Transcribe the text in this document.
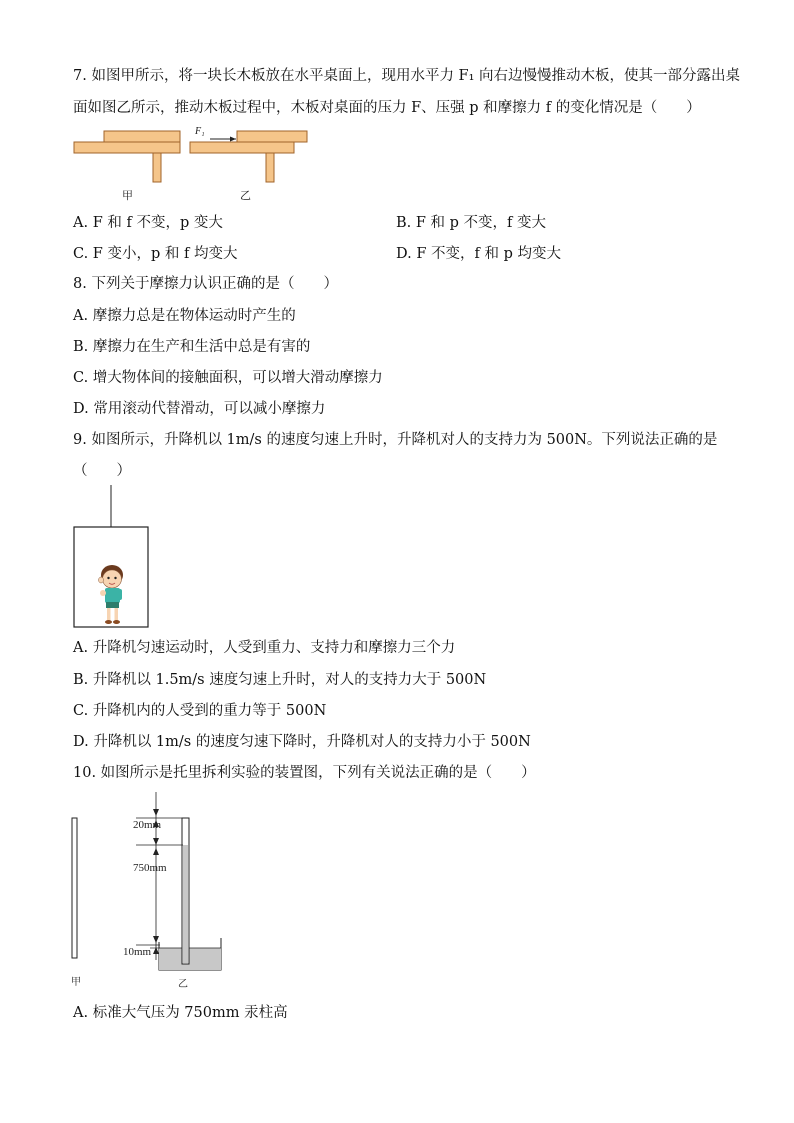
7. 如图甲所示，将一块长木板放在水平桌面上，现用水平力 F₁ 向右边慢慢推动木板，使其一部分露出桌
面如图乙所示，推动木板过程中，木板对桌面的压力 F、压强 p 和摩擦力 f 的变化情况是（　　）
甲
F₁
乙
A. F 和 f 不变，p 变大	B. F 和 p 不变，f 变大
C. F 变小，p 和 f 均变大	D. F 不变，f 和 p 均变大
8. 下列关于摩擦力认识正确的是（　　）
A. 摩擦力总是在物体运动时产生的
B. 摩擦力在生产和生活中总是有害的
C. 增大物体间的接触面积，可以增大滑动摩擦力
D. 常用滚动代替滑动，可以减小摩擦力
9. 如图所示，升降机以 1m/s 的速度匀速上升时，升降机对人的支持力为 500N。下列说法正确的是
（　　）
A. 升降机匀速运动时，人受到重力、支持力和摩擦力三个力
B. 升降机以 1.5m/s 速度匀速上升时，对人的支持力大于 500N
C. 升降机内的人受到的重力等于 500N
D. 升降机以 1m/s 的速度匀速下降时，升降机对人的支持力小于 500N
10. 如图所示是托里拆利实验的装置图，下列有关说法正确的是（　　）
甲
20mm
750mm
10mm
乙
A. 标准大气压为 750mm 汞柱高
